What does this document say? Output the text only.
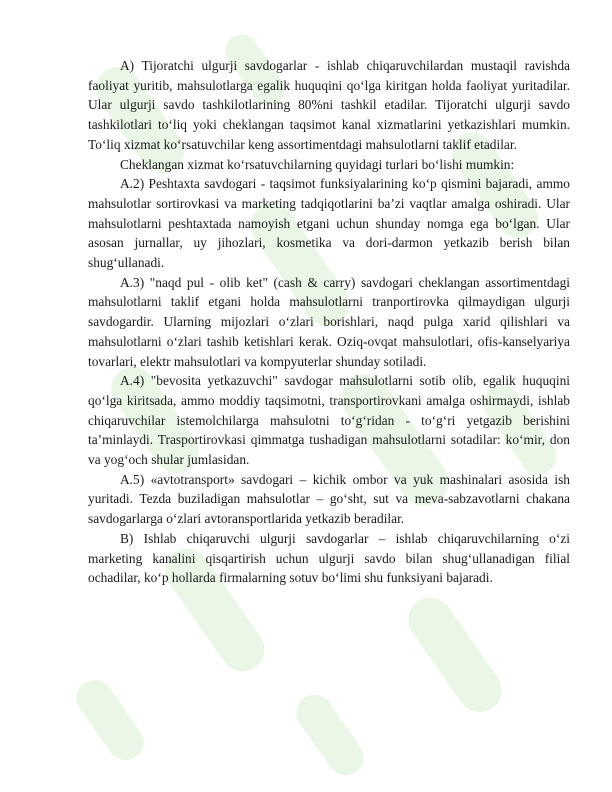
A) Tijoratchi ulgurji savdogarlar - ishlab chiqaruvchilardan mustaqil ravishda faoliyat yuritib, mahsulotlarga egalik huquqini qo‘lga kiritgan holda faoliyat yuritadilar. Ular ulgurji savdo tashkilotlarining 80%ni tashkil etadilar. Tijoratchi ulgurji savdo tashkilotlari to‘liq yoki cheklangan taqsimot kanal xizmatlarini yetkazishlari mumkin. To‘liq xizmat ko‘rsatuvchilar keng assortimentdagi mahsulotlarni taklif etadilar.

Cheklangan xizmat ko‘rsatuvchilarning quyidagi turlari bo‘lishi mumkin:

A.2) Peshtaxta savdogari - taqsimot funksiyalarining ko‘p qismini bajaradi, ammo mahsulotlar sortirovkasi va marketing tadqiqotlarini ba’zi vaqtlar amalga oshiradi. Ular mahsulotlarni peshtaxtada namoyish etgani uchun shunday nomga ega bo‘lgan. Ular asosan jurnallar, uy jihozlari, kosmetika va dori-darmon yetkazib berish bilan shug‘ullanadi.

A.3) "naqd pul - olib ket" (cash & carry) savdogari cheklangan assortimentdagi mahsulotlarni taklif etgani holda mahsulotlarni tranportirovka qilmaydigan ulgurji savdogardir. Ularning mijozlari o‘zlari borishlari, naqd pulga xarid qilishlari va mahsulotlarni o‘zlari tashib ketishlari kerak. Oziq-ovqat mahsulotlari, ofis-kanselyariya tovarlari, elektr mahsulotlari va kompyuterlar shunday sotiladi.

A.4) "bevosita yetkazuvchi" savdogar mahsulotlarni sotib olib, egalik huquqini qo‘lga kiritsada, ammo moddiy taqsimotni, transportirovkani amalga oshirmaydi, ishlab chiqaruvchilar istemolchilarga mahsulotni to‘g‘ridan - to‘g‘ri yetgazib berishini ta’minlaydi. Trasportirovkasi qimmatga tushadigan mahsulotlarni sotadilar: ko‘mir, don va yog‘och shular jumlasidan.

A.5) «avtotransport» savdogari – kichik ombor va yuk mashinalari asosida ish yuritadi. Tezda buziladigan mahsulotlar – go‘sht, sut va meva-sabzavotlarni chakana savdogarlarga o‘zlari avtoransportlarida yetkazib beradilar.

B) Ishlab chiqaruvchi ulgurji savdogarlar – ishlab chiqaruvchilarning o‘zi marketing kanalini qisqartirish uchun ulgurji savdo bilan shug‘ullanadigan filial ochadilar, ko‘p hollarda firmalarning sotuv bo‘limi shu funksiyani bajaradi.
